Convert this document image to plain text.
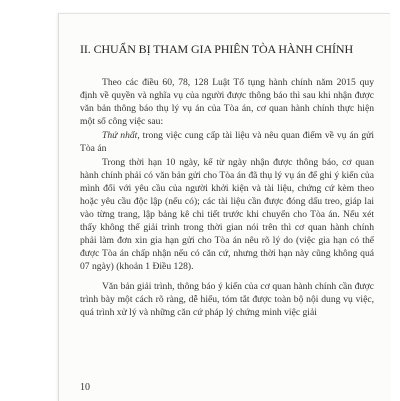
II. CHUẨN BỊ THAM GIA PHIÊN TÒA HÀNH CHÍNH

Theo các điều 60, 78, 128 Luật Tố tụng hành chính năm 2015 quy định về quyền và nghĩa vụ của người được thông báo thì sau khi nhận được văn bản thông báo thụ lý vụ án của Tòa án, cơ quan hành chính thực hiện một số công việc sau:

Thứ nhất, trong việc cung cấp tài liệu và nêu quan điểm về vụ án gửi Tòa án

Trong thời hạn 10 ngày, kể từ ngày nhận được thông báo, cơ quan hành chính phải có văn bản gửi cho Tòa án đã thụ lý vụ án để ghi ý kiến của mình đối với yêu cầu của người khởi kiện và tài liệu, chứng cứ kèm theo hoặc yêu cầu độc lập (nếu có); các tài liệu cần được đóng dấu treo, giáp lai vào từng trang, lập bảng kê chi tiết trước khi chuyển cho Tòa án. Nếu xét thấy không thể giải trình trong thời gian nói trên thì cơ quan hành chính phải làm đơn xin gia hạn gửi cho Tòa án nêu rõ lý do (việc gia hạn có thể được Tòa án chấp nhận nếu có căn cứ, nhưng thời hạn này cũng không quá 07 ngày) (khoản 1 Điều 128).

Văn bản giải trình, thông báo ý kiến của cơ quan hành chính cần được trình bày một cách rõ ràng, dễ hiểu, tóm tắt được toàn bộ nội dung vụ việc, quá trình xử lý và những căn cứ pháp lý chứng minh việc giải

10
